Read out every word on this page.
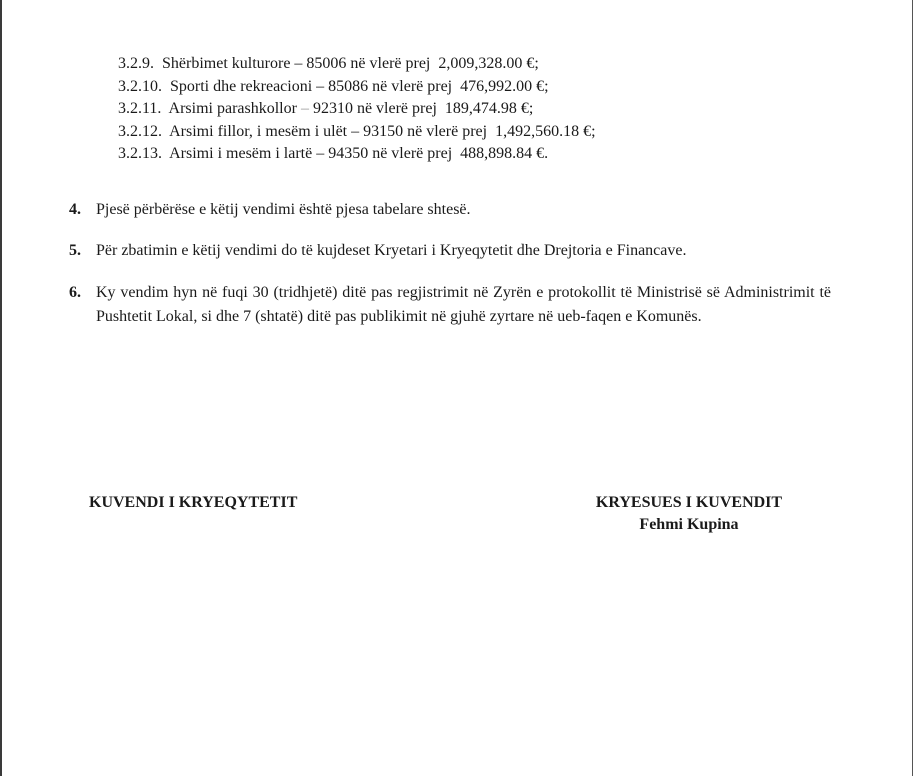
3.2.9. Shërbimet kulturore – 85006 në vlerë prej 2,009,328.00 €;
3.2.10. Sporti dhe rekreacioni – 85086 në vlerë prej 476,992.00 €;
3.2.11. Arsimi parashkollor – 92310 në vlerë prej 189,474.98 €;
3.2.12. Arsimi fillor, i mesëm i ulët – 93150 në vlerë prej 1,492,560.18 €;
3.2.13. Arsimi i mesëm i lartë – 94350 në vlerë prej 488,898.84 €.
4. Pjesë përbërëse e këtij vendimi është pjesa tabelare shtesë.
5. Për zbatimin e këtij vendimi do të kujdeset Kryetari i Kryeqytetit dhe Drejtoria e Financave.
6. Ky vendim hyn në fuqi 30 (tridhjetë) ditë pas regjistrimit në Zyrën e protokollit të Ministrisë së Administrimit të Pushtetit Lokal, si dhe 7 (shtatë) ditë pas publikimit në gjuhë zyrtare në ueb-faqen e Komunës.
KUVENDI I KRYEQYTETIT	KRYESUES I KUVENDIT
Fehmi Kupina
